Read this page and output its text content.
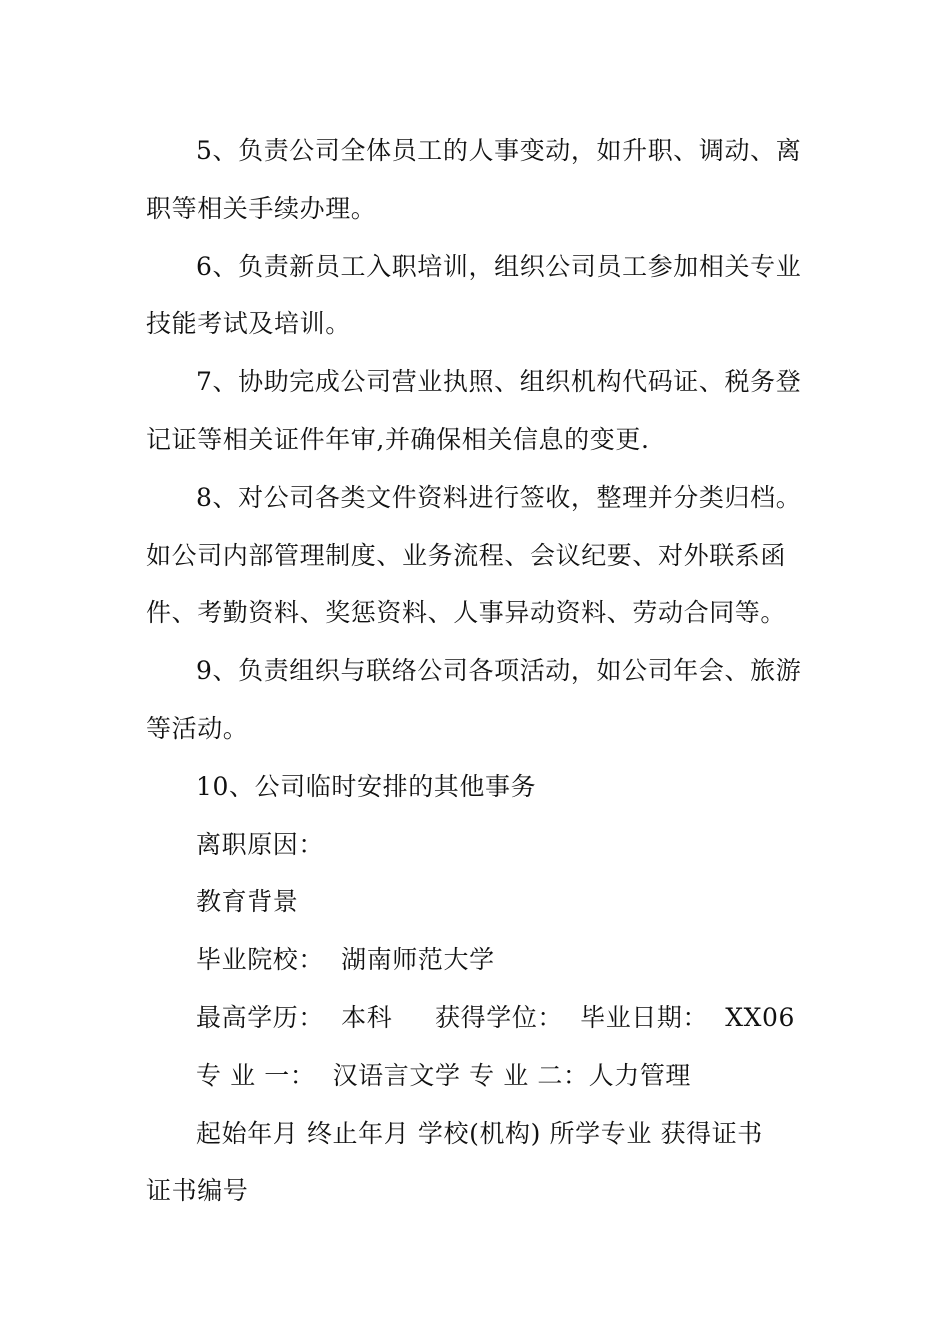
5、负责公司全体员工的人事变动，如升职、调动、离
职等相关手续办理。
6、负责新员工入职培训，组织公司员工参加相关专业
技能考试及培训。
7、协助完成公司营业执照、组织机构代码证、税务登
记证等相关证件年审,并确保相关信息的变更.
8、对公司各类文件资料进行签收，整理并分类归档。
如公司内部管理制度、业务流程、会议纪要、对外联系函
件、考勤资料、奖惩资料、人事异动资料、劳动合同等。
9、负责组织与联络公司各项活动，如公司年会、旅游
等活动。
10、公司临时安排的其他事务
离职原因：
教育背景
毕业院校：  湖南师范大学
最高学历：  本科     获得学位：  毕业日期：  XX06
专 业 一：  汉语言文学 专 业 二：人力管理
起始年月 终止年月 学校(机构) 所学专业 获得证书
证书编号
